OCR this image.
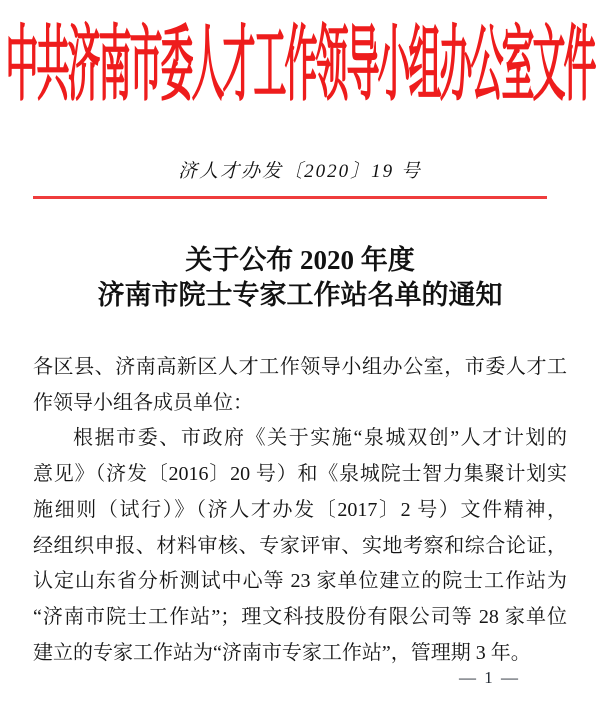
中共济南市委人才工作领导小组办公室文件
济人才办发〔2020〕19 号
关于公布 2020 年度
济南市院士专家工作站名单的通知
各区县、济南高新区人才工作领导小组办公室，市委人才工
作领导小组各成员单位：
根据市委、市政府《关于实施“泉城双创”人才计划的
意见》（济发〔2016〕20 号）和《泉城院士智力集聚计划实
施细则（试行）》（济人才办发〔2017〕2 号）文件精神，
经组织申报、材料审核、专家评审、实地考察和综合论证，
认定山东省分析测试中心等 23 家单位建立的院士工作站为
“济南市院士工作站”；理文科技股份有限公司等 28 家单位
建立的专家工作站为“济南市专家工作站”，管理期 3 年。
— 1 —
